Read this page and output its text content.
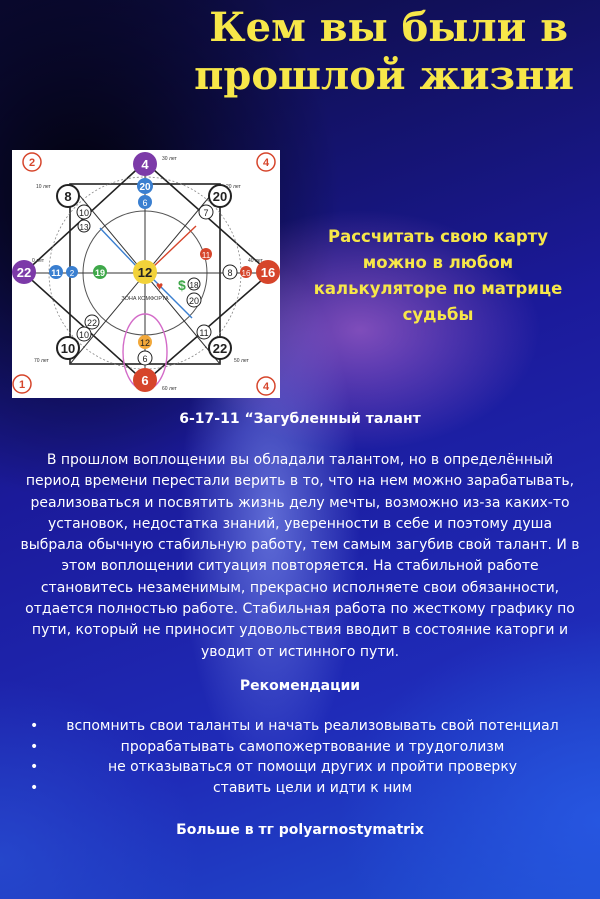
Кем вы были в
прошлой жизни
2	4
1	4
4
22	16
6
12
8	20
10	22
20
10	7
11	19	8
20
22
11
12
6
10
6
11
13
18
2	16
♥ $
ЗОНА КОМФОРТА
10 лет	20 лет
40 лет
50 лет
60 лет
70 лет
30 лет
0 лет
Рассчитать свою карту можно в любом калькуляторе по матрице судьбы
6-17-11 “Загубленный талант
В прошлом воплощении вы обладали талантом, но в определённый период времени перестали верить в то, что на нем можно зарабатывать, реализоваться и посвятить жизнь делу мечты, возможно из-за каких-то установок, недостатка знаний, уверенности в себе и поэтому душа выбрала обычную стабильную работу, тем самым загубив свой талант. И в этом воплощении ситуация повторяется. На стабильной работе становитесь незаменимым, прекрасно исполняете свои обязанности, отдается полностью работе. Стабильная работа по жесткому графику по пути, который не приносит удовольствия вводит в состояние каторги и уводит от истинного пути.
Рекомендации
• вспомнить свои таланты и начать реализовывать свой потенциал
•	прорабатывать самопожертвование и трудоголизм
•	не отказываться от помощи других и пройти проверку
•	ставить цели и идти к ним
Больше в тг polyarnostymatrix
